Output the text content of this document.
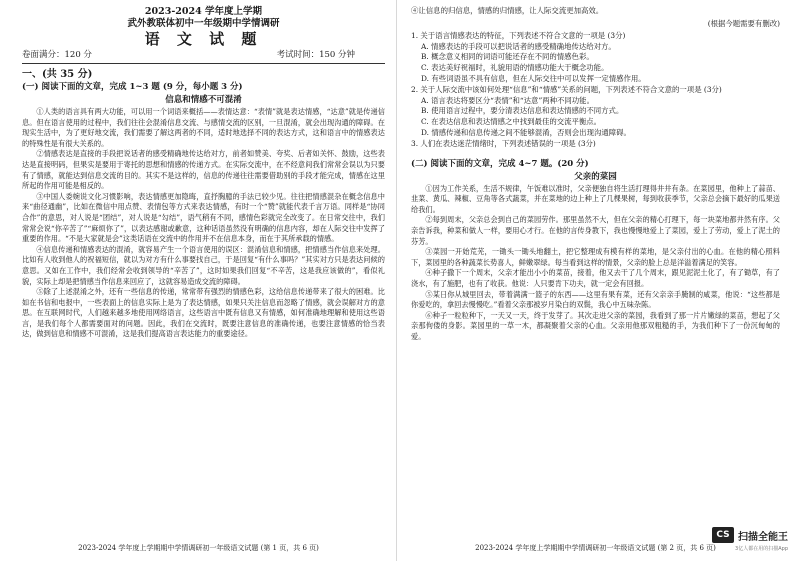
2023-2024 学年度上学期
武外教联体初中一年级期中学情调研
语 文 试 题
卷面满分：120 分	考试时间：150 分钟
一、(共 35 分)
(一) 阅读下面的文章，完成 1~3 题 (9 分，每小题 3 分)
信息和情感不可混淆

①人类的语言具有两大功能，可以用一个词语来概括——表情达意：“表情”就是表达情感，“达意”就是传递信息。但在语言使用的过程中，我们往往会混淆信息交流、与感情交流的区别，一旦混淆，就会出现沟通的障碍。在现实生活中，为了更好地交流，我们需要了解这两者的不同，适时地选择不同的表达方式，这和语言中的情感表达的特殊性是有很大关系的。

②情感表达是直接的手段把说话者的感受精确地传达给对方，前者如赞美、夸奖、后者如关怀、鼓励，这些表达是直接明码，但果实是要用于寄托的思想和情感的传递方式。在实际交流中，在不经意间我们常常会误以为只要有了情感，就能达到信息交流的目的。其实不是这样的，信息的传递往往需要借助别的手段才能完成，情感在这里所起的作用可能是相反的。

③中国人委婉说文化习惯影响，表达情感更加隐晦，直抒胸臆的手法已较少见。往往把情感混杂在概念信息中来“曲径通幽”，比如在微信中用点赞、表情包等方式来表达情感，有时一个“赞”就能代表千言万语。同样是“协同合作”的意思，对人说是“团结”，对人说是“勾结”，语气稍有不同，感情色彩就完全改变了。在日常交往中，我们常常会说“你辛苦了”“麻烦你了”，以表达感谢或歉意，这种话语虽然没有明确的信息内容，却在人际交往中发挥了重要的作用。“不是大家就是会”这类话语在交流中的作用并不在信息本身，而在于其所承载的情感。

④信息传递和情感表达的混淆，就容易产生一个语言使用的误区：混淆信息和情感，把情感当作信息来处理。比如有人收到他人的祝福短信，就以为对方有什么事要找自己，于是回复“有什么事吗？”其实对方只是表达问候的意思。又如在工作中，我们经常会收到领导的“辛苦了”，这时如果我们回复“不辛苦，这是我应该做的”，看似礼貌，实际上却是把情感当作信息来回应了，这就容易造成交流的障碍。

⑤除了上述混淆之外，还有一些信息的传递，常常带有强烈的情感色彩，这给信息传递带来了很大的困难。比如在书信和电报中，一些表面上的信息实际上是为了表达情感，如果只关注信息而忽略了情感，就会误解对方的意思。在互联网时代，人们越来越多地使用网络语言，这些语言中既有信息又有情感，如何准确地理解和使用这些语言，是我们每个人都需要面对的问题。因此，我们在交流时，既要注意信息的准确传递，也要注意情感的恰当表达，做到信息和情感不可混淆，这是我们提高语言表达能力的重要途径。

2023-2024 学年度上学期期中学情调研初一年级语文试题 (第 1 页，共 6 页)

④让信息的归信息，情感的归情感，让人际交流更加高效。

(根据今题需要有删改)

1. 关于语言情感表达的特征，下列表述不符合文意的一项是 (3分)

A. 情感表达的手段可以把说话者的感受精确地传达给对方。

B. 概念意义相同的词语可能还存在不同的情感色彩。

C. 表达美好祝福时，礼貌用语的情感功能大于概念功能。

D. 有些词语虽不具有信息，但在人际交往中可以发挥一定情感作用。

2. 关于人际交流中该如何处理“信息”和“情感”关系的问题，下列表述不符合文意的一项是 (3分)

A. 语言表达将要区分“表情”和“达意”两种不同功能。

B. 使用语言过程中，要分清表达信息和表达情感的不同方式。

C. 在表达信息和表达情感之中找到最佳的交流平衡点。

D. 情感传递和信息传递之间不能够混淆，否则会出现沟通障碍。

3. 人们在表达迷茫情绪时，下列表述错误的一项是 (3分)

(二) 阅读下面的文章，完成 4~7 题。(20 分)
父亲的菜园

①因为工作关系，生活不规律，午饭难以准时，父亲便独自将生活打理得井井有条。在菜园里，他种上了蒜苗、韭菜、黄瓜、辣椒、豆角等各式蔬菜，并在菜地的边上种上了几棵果树，每到收获季节，父亲总会摘下最好的瓜果送给我们。

②每到周末，父亲总会到自己的菜园劳作。那里虽然不大，但在父亲的精心打理下，每一块菜地都井然有序。父亲告诉我，种菜和做人一样，要用心才行。在他的言传身教下，我也慢慢地爱上了菜园，爱上了劳动，爱上了泥土的芬芳。

③菜园一开始荒芜，一锄头一锄头地翻土，把它整理成有模有样的菜地，是父亲付出的心血。在他的精心照料下，菜园里的各种蔬菜长势喜人，鲜嫩翠绿。每当看到这样的情景，父亲的脸上总是洋溢着满足的笑容。

④种子撒下一个周末，父亲才能出小小的菜苗，接着，他又去干了几个周末，跟见泥泥土化了，有了锄草，有了浇水，有了施肥，也有了收获。他说：人只要肯下功夫，就一定会有回报。

⑤某日你从城里回去，带着满满一篮子的东西——这里有果有菜，还有父亲亲手腌制的咸菜，他说：“这些都是你爱吃的，拿回去慢慢吃。”看着父亲那被岁月染白的双鬓，我心中五味杂陈。

⑥种子一粒粒种下，一天又一天，终于发芽了。其次走进父亲的菜园，我看到了那一片片嫩绿的菜苗，想起了父亲那佝偻的身影。菜园里的一草一木，都凝聚着父亲的心血。父亲用他那双粗糙的手，为我们种下了一份沉甸甸的爱。

2023-2024 学年度上学期期中学情调研初一年级语文试题 (第 2 页，共 6 页)
CS 扫描全能王
3亿人都在用的扫描App
